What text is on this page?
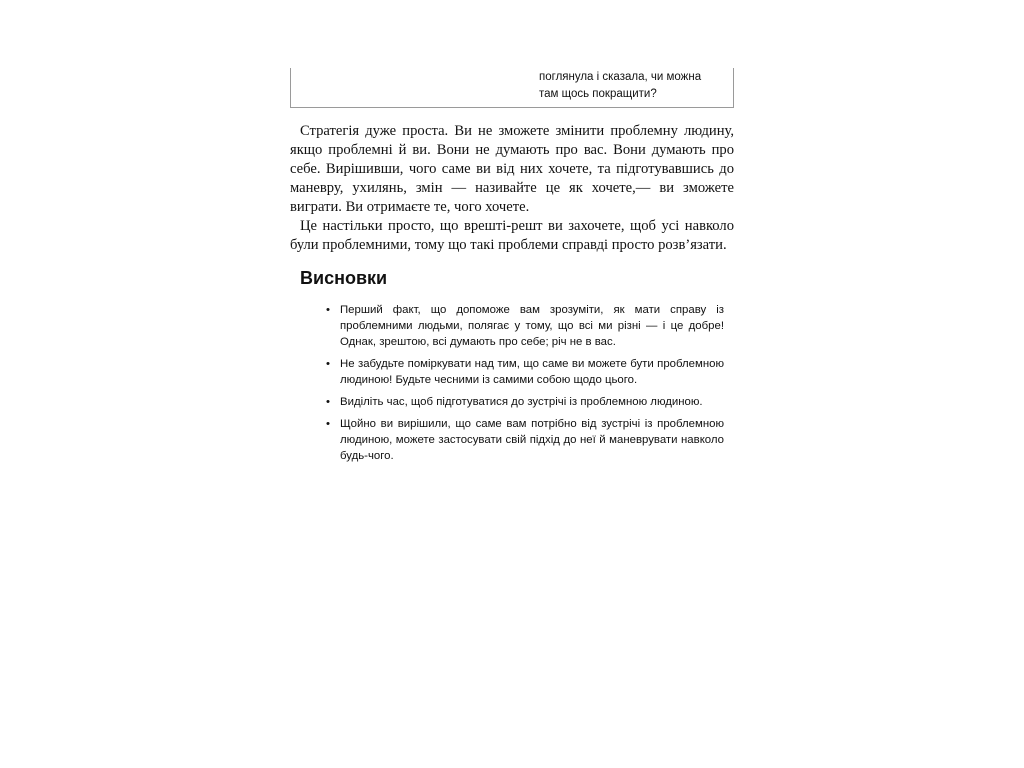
поглянула і сказала, чи можна
там щось покращити?

Стратегія дуже проста. Ви не зможете змінити проблемну людину, якщо проблемні й ви. Вони не думають про вас. Вони думають про себе. Вирішивши, чого саме ви від них хочете, та підготувавшись до маневру, ухилянь, змін — називайте це як хочете,— ви зможете виграти. Ви отримаєте те, чого хочете.

Це настільки просто, що врешті-решт ви захочете, щоб усі навколо були проблемними, тому що такі проблеми справді просто розв’язати.

Висновки
• Перший факт, що допоможе вам зрозуміти, як мати справу із проблемними людьми, полягає у тому, що всі ми різні — і це добре! Однак, зрештою, всі думають про себе; річ не в вас.
• Не забудьте поміркувати над тим, що саме ви можете бути проблемною людиною! Будьте чесними із самими собою щодо цього.
• Виділіть час, щоб підготуватися до зустрічі із проблемною людиною.
• Щойно ви вирішили, що саме вам потрібно від зустрічі із проблемною людиною, можете застосувати свій підхід до неї й маневрувати навколо будь-чого.
